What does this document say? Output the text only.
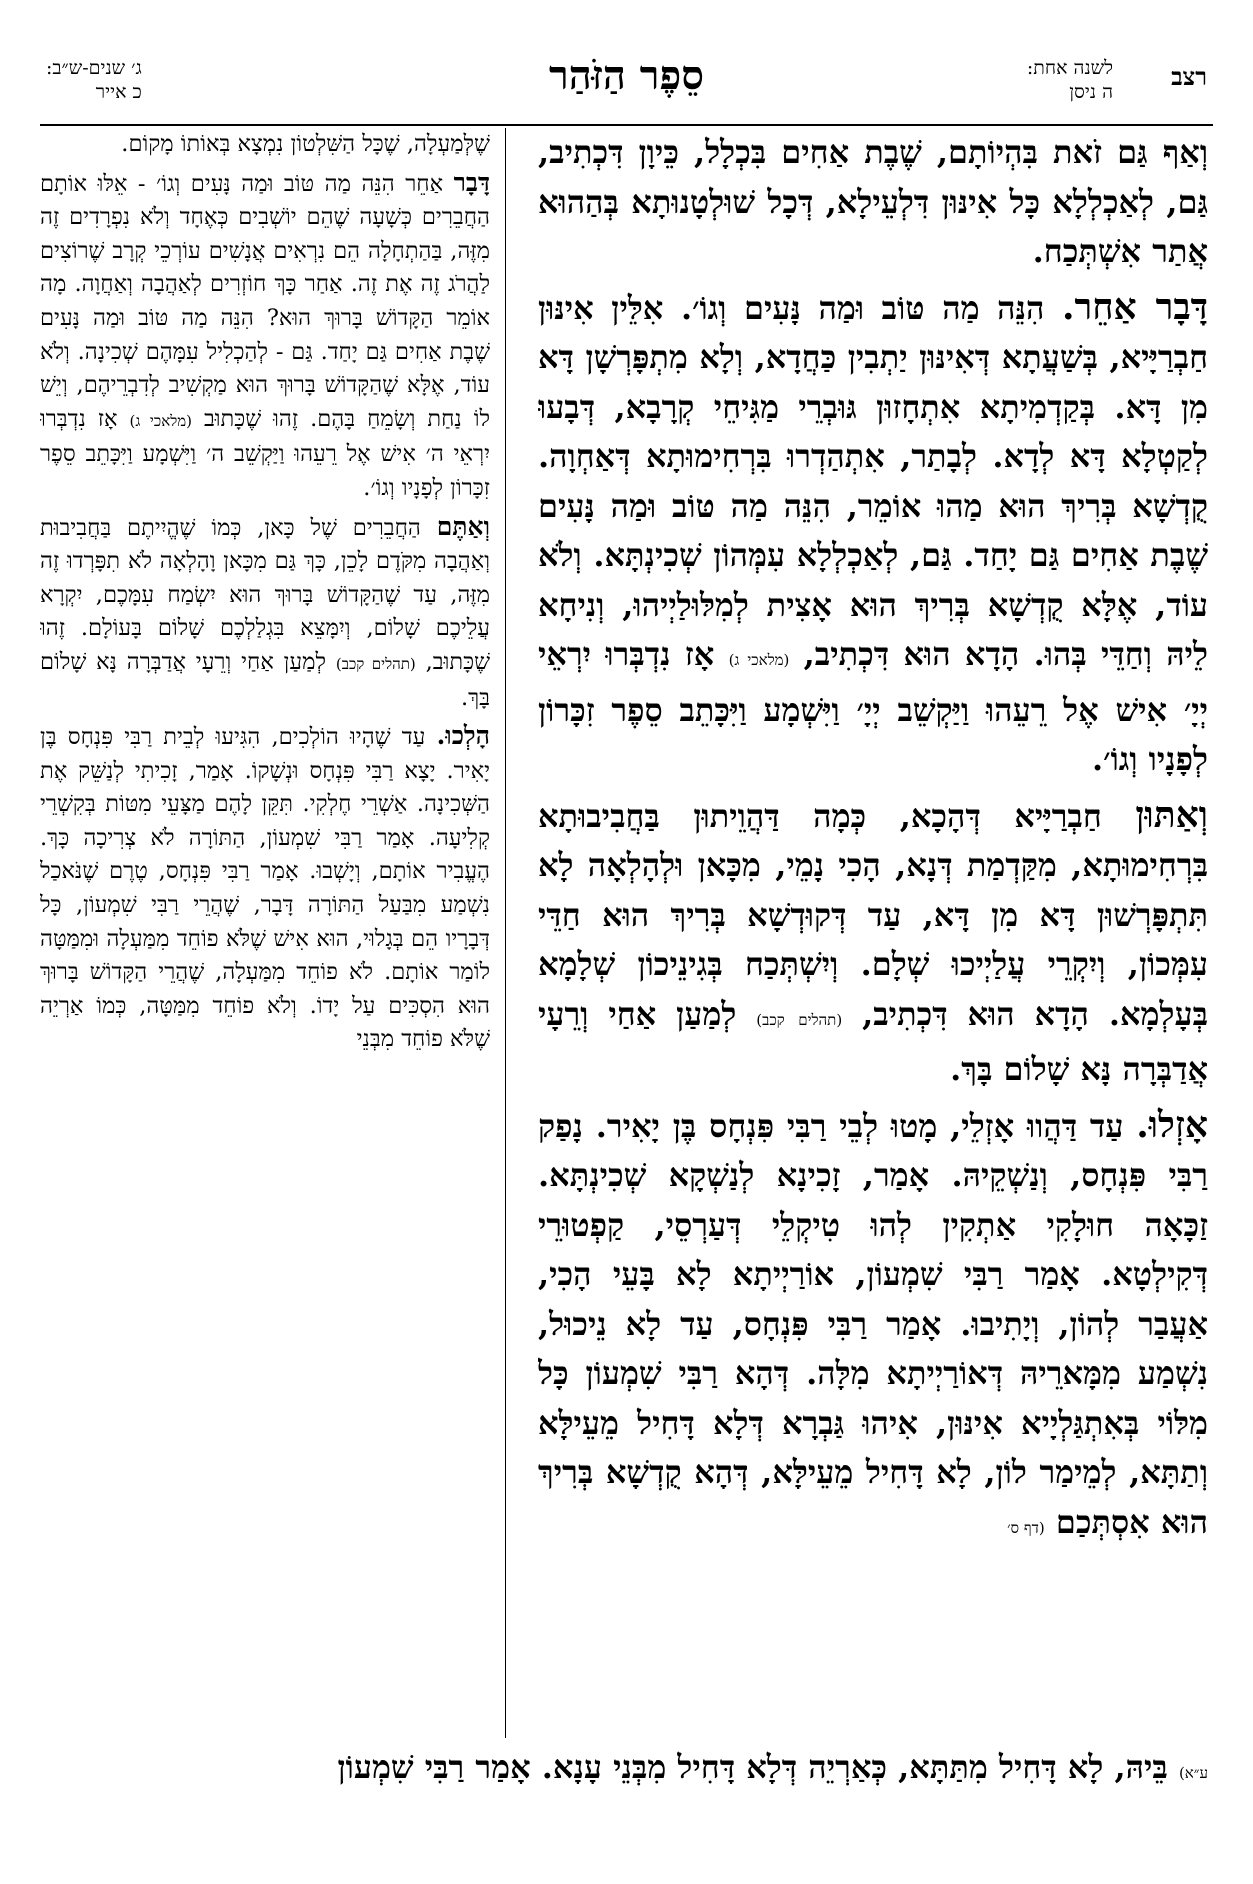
רצב
לשנה אחת:
ה ניסן
סֵפֶר הַזֹּהַר
ג׳ שנים-ש״ב:
כ אייר

וְאַף גַּם זֹאת בִּהְיוֹתָם, שֶׁבֶת אַחִים בִּכְלָל, כֵּיוָן דִּכְתִיב, גַּם, לְאַכְלְלָא כָּל אִינּוּן דִּלְעֵילָא, דְּכָל שׁוּלְטָנוּתָא בְּהַהוּא אֲתַר אִשְׁתְּכַח.

דָּבָר אַחֵר. הִנֵּה מַה טּוֹב וּמַה נָּעִים וְגוֹ׳. אִלֵּין אִינּוּן חַבְרַיָּיא, בְּשַׁעֲתָא דְּאִינּוּן יַתְבִין כַּחֲדָא, וְלָא מִתְפָּרְשָׁן דָּא מִן דָּא. בְּקַדְמִיתָא אִתְחָזוּן גּוּבְרֵי מַגִּיחֵי קְרָבָא, דְּבָעוּ לְקַטְלָא דָּא לְדָא. לְבָתַר, אִתְהַדְרוּ בִּרְחִימוּתָא דְּאַחְוָה. קֻדְשָׁא בְּרִיךְ הוּא מַהוּ אוֹמֵר, הִנֵּה מַה טּוֹב וּמַה נָּעִים שֶׁבֶת אַחִים גַּם יָחַד. גַּם, לְאַכְלְלָא עִמְּהוֹן שְׁכִינְתָּא. וְלֹא עוֹד, אֶלָּא קֻדְשָׁא בְּרִיךְ הוּא אָצִית לְמִלּוּלַיְיהוּ, וְנִיחָא לֵיהּ וְחַדֵּי בְּהוּ. הָדָא הוּא דִּכְתִיב, (מלאכי ג) אָז נִדְבְּרוּ יִרְאֵי יְיָ׳ אִישׁ אֶל רֵעֵהוּ וַיַּקְשֵׁב יְיָ׳ וַיִּשְׁמָע וַיִּכָּתֵב סֵפֶר זִכָּרוֹן לְפָנָיו וְגוֹ׳.

וְאַתּוּן חַבְרַיָּיא דְּהָכָא, כְּמָה דַּהֲוֵיתוּן בַּחֲבִיבוּתָא בִּרְחִימוּתָא, מִקַּדְמַת דְּנָא, הָכִי נָמֵי, מִכָּאן וּלְהָלְאָה לָא תִּתְפָּרְשׁוּן דָּא מִן דָּא, עַד דְּקוּדְשָׁא בְּרִיךְ הוּא חַדֵּי עִמְּכוֹן, וְיִקְרֵי עֲלַיְיכוּ שְׁלָם. וְיִשְׁתְּכַח בְּגִינֵיכוֹן שְׁלָמָא בְּעָלְמָא. הָדָא הוּא דִּכְתִיב, (תהלים קכב) לְמַעַן אַחַי וְרֵעָי אֲדַבְּרָה נָּא שָׁלוֹם בָּךְ.

אָזְלוּ. עַד דַּהֲווּ אָזְלֵי, מָטוּ לְבֵי רַבִּי פִּנְחָס בֶּן יָאִיר. נָפַק רַבִּי פִּנְחָס, וְנַשְׁקֵיהּ. אָמַר, זָכִינָא לְנַשְׁקָא שְׁכִינְתָּא. זַכָּאָה חוּלָקִי אַתְקִין לְהוּ טִיקְלֵי דְּעַרְסֵי, קַפְטוּרֵי דְּקִילְטָא. אָמַר רַבִּי שִׁמְעוֹן, אוֹרַיְיתָא לָא בָּעֵי הָכִי, אַעֲבַר לְהוֹן, וְיָתִיבוּ. אָמַר רַבִּי פִּנְחָס, עַד לָא נֵיכוּל, נִשְׁמַע מִמָּארֵיהּ דְּאוֹרַיְיתָא מִלָּה. דְּהָא רַבִּי שִׁמְעוֹן כָּל מִלּוֹי בְּאִתְגַּלְיָיא אִינּוּן, אִיהוּ גַּבְרָא דְּלָא דָּחִיל מֵעֵילָּא וְתַתָּא, לְמֵימַר לוֹן, לָא דָּחִיל מֵעֵילָּא, דְּהָא קֻדְשָׁא בְּרִיךְ הוּא אִסְתְּכַם (דף ס׳

שֶׁלְּמַעְלָה, שֶׁכָּל הַשִּׁלְטוֹן נִמְצָא בְּאוֹתוֹ מָקוֹם.

דָּבָר אַחֵר הִנֵּה מַה טּוֹב וּמַה נָּעִים וְגוֹ׳ - אֵלּוּ אוֹתָם הַחֲבֵרִים כְּשָׁעָה שֶׁהֵם יוֹשְׁבִים כְּאֶחָד וְלֹא נִפְרָדִים זֶה מִזֶּה, בַּהַתְחָלָה הֵם נִרְאִים אֲנָשִׁים עוֹרְכֵי קְרָב שֶׁרוֹצִים לַהֲרֹג זֶה אֶת זֶה. אַחַר כָּךְ חוֹזְרִים לְאַהֲבָה וְאַחֲוָה. מָה אוֹמֵר הַקָּדוֹשׁ בָּרוּךְ הוּא? הִנֵּה מַה טּוֹב וּמַה נָּעִים שֶׁבֶת אַחִים גַּם יָחַד. גַּם - לְהַכְלִיל עִמָּהֶם שְׁכִינָה. וְלֹא עוֹד, אֶלָּא שֶׁהַקָּדוֹשׁ בָּרוּךְ הוּא מַקְשִׁיב לְדִבְרֵיהֶם, וְיֵשׁ לוֹ נַחַת וְשָׂמֵחַ בָּהֶם. זֶהוּ שֶׁכָּתוּב (מלאכי ג) אָז נִדְבְּרוּ יִרְאֵי ה׳ אִישׁ אֶל רֵעֵהוּ וַיַּקְשֵׁב ה׳ וַיִּשְׁמָע וַיִּכָּתֵב סֵפֶר זִכָּרוֹן לְפָנָיו וְגוֹ׳.

וְאַתֶּם הַחֲבֵרִים שֶׁל כָּאן, כְּמוֹ שֶׁהֱיִיתֶם בַּחֲבִיבוּת וְאַהֲבָה מִקֹּדֶם לָכֵן, כָּךְ גַּם מִכָּאן וָהָלְאָה לֹא תִפָּרְדוּ זֶה מִזֶּה, עַד שֶׁהַקָּדוֹשׁ בָּרוּךְ הוּא יִשְׂמַח עִמָּכֶם, יִקְרָא עֲלֵיכֶם שָׁלוֹם, וְיִמָּצֵא בִּגְלַלְכֶם שָׁלוֹם בָּעוֹלָם. זֶהוּ שֶׁכָּתוּב, (תהלים קכב) לְמַעַן אַחַי וְרֵעָי אֲדַבְּרָה נָּא שָׁלוֹם בָּךְ.

הָלְכוּ. עַד שֶׁהָיוּ הוֹלְכִים, הִגִּיעוּ לְבֵית רַבִּי פִּנְחָס בֶּן יָאִיר. יָצָא רַבִּי פִּנְחָס וּנְשָׁקוֹ. אָמַר, זָכִיתִי לְנַשֵּׁק אֶת הַשְּׁכִינָה. אַשְׁרֵי חֶלְקִי. תִּקֵּן לָהֶם מַצָּעֵי מִטּוֹת בְּקִשְׁרֵי קְלִיעָה. אָמַר רַבִּי שִׁמְעוֹן, הַתּוֹרָה לֹא צְרִיכָה כָּךְ. הֶעֱבִיר אוֹתָם, וְיָשְׁבוּ. אָמַר רַבִּי פִּנְחָס, טֶרֶם שֶׁנֹּאכַל נִשְׁמַע מִבַּעַל הַתּוֹרָה דָּבָר, שֶׁהֲרֵי רַבִּי שִׁמְעוֹן, כָּל דְּבָרָיו הֵם בְּגָלוּי, הוּא אִישׁ שֶׁלֹּא פוֹחֵד מִמַּעְלָה וּמִמַּטָּה לוֹמַר אוֹתָם. לֹא פוֹחֵד מִמַּעְלָה, שֶׁהֲרֵי הַקָּדוֹשׁ בָּרוּךְ הוּא הִסְכִּים עַל יָדוֹ. וְלֹא פוֹחֵד מִמַּטָּה, כְּמוֹ אַרְיֵה שֶׁלֹּא פוֹחֵד מִבְּנֵי

ע״א) בֵּיהּ, לָא דָּחִיל מִתַּתָּא, כְּאַרְיֵה דְּלָא דָּחִיל מִבְּנֵי עָנָא. אָמַר רַבִּי שִׁמְעוֹן
